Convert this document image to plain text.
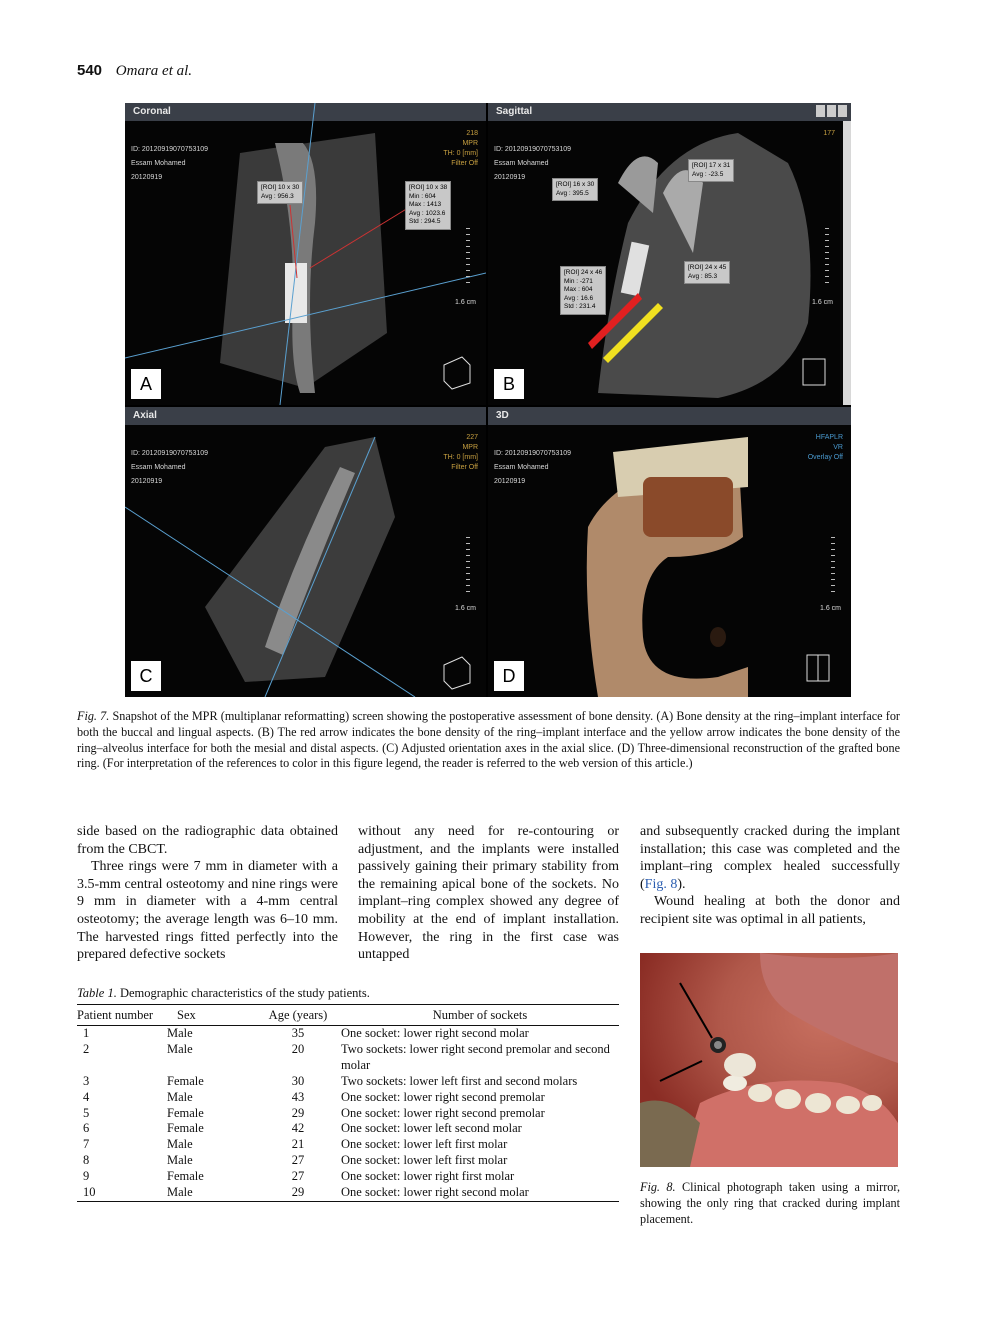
540 Omara et al.
Coronal
ID: 2012091907075310​9
Essam Mohamed
20120919
218
MPR
TH: 0 [mm]
Filter Off
[ROI] 10 x 30
Avg : 956.3
[ROI] 10 x 38
Min : 604
Max : 1413
Avg : 1023.6
Std : 294.5
1.6 cm
A
Sagittal
ID: 20120919070753109
Essam Mohamed
20120919
177
[ROI] 16 x 30
Avg : 395.5
[ROI] 17 x 31
Avg : -23.5
[ROI] 24 x 46
Min : -271
Max : 604
Avg : 16.6
Std : 231.4
[ROI] 24 x 45
Avg : 85.3
1.6 cm
B
Axial
ID: 20120919070753109
Essam Mohamed
20120919
227
MPR
TH: 0 [mm]
Filter Off
1.6 cm
C
3D
ID: 20120919070753109
Essam Mohamed
20120919
HFAPLR
VR
Overlay Off
1.6 cm
D
Fig. 7. Snapshot of the MPR (multiplanar reformatting) screen showing the postoperative assessment of bone density. (A) Bone density at the ring–implant interface for both the buccal and lingual aspects. (B) The red arrow indicates the bone density of the ring–implant interface and the yellow arrow indicates the bone density of the ring–alveolus interface for both the mesial and distal aspects. (C) Adjusted orientation axes in the axial slice. (D) Three-dimensional reconstruction of the grafted bone ring. (For interpretation of the references to color in this figure legend, the reader is referred to the web version of this article.)

side based on the radiographic data obtained from the CBCT.

Three rings were 7 mm in diameter with a 3.5-mm central osteotomy and nine rings were 9 mm in diameter with a 4-mm central osteotomy; the average length was 6–10 mm. The harvested rings fitted perfectly into the prepared defective sockets

without any need for re-contouring or adjustment, and the implants were installed passively gaining their primary stability from the remaining apical bone of the sockets. No implant–ring complex showed any degree of mobility at the end of implant installation. However, the ring in the first case was untapped

and subsequently cracked during the implant installation; this case was completed and the implant–ring complex healed successfully (Fig. 8).

Wound healing at both the donor and recipient site was optimal in all patients,

Table 1. Demographic characteristics of the study patients.
Patient number	Sex	Age (years)	Number of sockets
1	Male	35	One socket: lower right second molar
2	Male	20	Two sockets: lower right second premolar and second molar
3	Female	30	Two sockets: lower left first and second molars
4	Male	43	One socket: lower right second premolar
5	Female	29	One socket: lower right second premolar
6	Female	42	One socket: lower left second molar
7	Male	21	One socket: lower left first molar
8	Male	27	One socket: lower left first molar
9	Female	27	One socket: lower right first molar
10	Male	29	One socket: lower right second molar	Fig. 8. Clinical photograph taken using a mirror, showing the only ring that cracked during implant placement.
